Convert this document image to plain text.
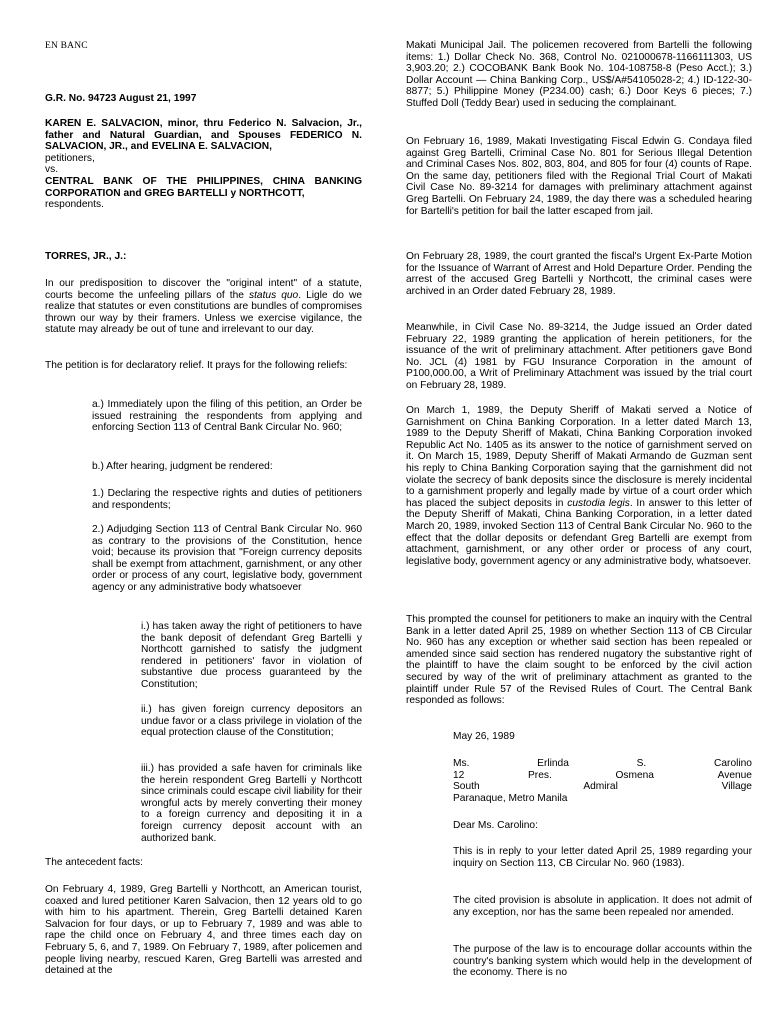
EN BANC
G.R. No. 94723 August 21, 1997

KAREN E. SALVACION, minor, thru Federico N. Salvacion, Jr., father and Natural Guardian, and Spouses FEDERICO N. SALVACION, JR., and EVELINA E. SALVACION,

petitioners,
vs.

CENTRAL BANK OF THE PHILIPPINES, CHINA BANKING CORPORATION and GREG BARTELLI y NORTHCOTT,

respondents.
TORRES, JR., J.:

In our predisposition to discover the "original intent" of a statute, courts become the unfeeling pillars of the status quo. Ligle do we realize that statutes or even constitutions are bundles of compromises thrown our way by their framers. Unless we exercise vigilance, the statute may already be out of tune and irrelevant to our day.

The petition is for declaratory relief. It prays for the following reliefs:

a.) Immediately upon the filing of this petition, an Order be issued restraining the respondents from applying and enforcing Section 113 of Central Bank Circular No. 960;

b.) After hearing, judgment be rendered:

1.) Declaring the respective rights and duties of petitioners and respondents;

2.) Adjudging Section 113 of Central Bank Circular No. 960 as contrary to the provisions of the Constitution, hence void; because its provision that "Foreign currency deposits shall be exempt from attachment, garnishment, or any other order or process of any court, legislative body, government agency or any administrative body whatsoever

i.) has taken away the right of petitioners to have the bank deposit of defendant Greg Bartelli y Northcott garnished to satisfy the judgment rendered in petitioners' favor in violation of substantive due process guaranteed by the Constitution;

ii.) has given foreign currency depositors an undue favor or a class privilege in violation of the equal protection clause of the Constitution;

iii.) has provided a safe haven for criminals like the herein respondent Greg Bartelli y Northcott since criminals could escape civil liability for their wrongful acts by merely converting their money to a foreign currency and depositing it in a foreign currency deposit account with an authorized bank.

The antecedent facts:

On February 4, 1989, Greg Bartelli y Northcott, an American tourist, coaxed and lured petitioner Karen Salvacion, then 12 years old to go with him to his apartment. Therein, Greg Bartelli detained Karen Salvacion for four days, or up to February 7, 1989 and was able to rape the child once on February 4, and three times each day on February 5, 6, and 7, 1989. On February 7, 1989, after policemen and people living nearby, rescued Karen, Greg Bartelli was arrested and detained at the

Makati Municipal Jail. The policemen recovered from Bartelli the following items: 1.) Dollar Check No. 368, Control No. 021000678-1166111303, US 3,903.20; 2.) COCOBANK Bank Book No. 104-108758-8 (Peso Acct.); 3.) Dollar Account — China Banking Corp., US$/A#54105028-2; 4.) ID-122-30-8877; 5.) Philippine Money (P234.00) cash; 6.) Door Keys 6 pieces; 7.) Stuffed Doll (Teddy Bear) used in seducing the complainant.

On February 16, 1989, Makati Investigating Fiscal Edwin G. Condaya filed against Greg Bartelli, Criminal Case No. 801 for Serious Illegal Detention and Criminal Cases Nos. 802, 803, 804, and 805 for four (4) counts of Rape. On the same day, petitioners filed with the Regional Trial Court of Makati Civil Case No. 89-3214 for damages with preliminary attachment against Greg Bartelli. On February 24, 1989, the day there was a scheduled hearing for Bartelli's petition for bail the latter escaped from jail.

On February 28, 1989, the court granted the fiscal's Urgent Ex-Parte Motion for the Issuance of Warrant of Arrest and Hold Departure Order. Pending the arrest of the accused Greg Bartelli y Northcott, the criminal cases were archived in an Order dated February 28, 1989.

Meanwhile, in Civil Case No. 89-3214, the Judge issued an Order dated February 22, 1989 granting the application of herein petitioners, for the issuance of the writ of preliminary attachment. After petitioners gave Bond No. JCL (4) 1981 by FGU Insurance Corporation in the amount of P100,000.00, a Writ of Preliminary Attachment was issued by the trial court on February 28, 1989.

On March 1, 1989, the Deputy Sheriff of Makati served a Notice of Garnishment on China Banking Corporation. In a letter dated March 13, 1989 to the Deputy Sheriff of Makati, China Banking Corporation invoked Republic Act No. 1405 as its answer to the notice of garnishment served on it. On March 15, 1989, Deputy Sheriff of Makati Armando de Guzman sent his reply to China Banking Corporation saying that the garnishment did not violate the secrecy of bank deposits since the disclosure is merely incidental to a garnishment properly and legally made by virtue of a court order which has placed the subject deposits in custodia legis. In answer to this letter of the Deputy Sheriff of Makati, China Banking Corporation, in a letter dated March 20, 1989, invoked Section 113 of Central Bank Circular No. 960 to the effect that the dollar deposits or defendant Greg Bartelli are exempt from attachment, garnishment, or any other order or process of any court, legislative body, government agency or any administrative body, whatsoever.

This prompted the counsel for petitioners to make an inquiry with the Central Bank in a letter dated April 25, 1989 on whether Section 113 of CB Circular No. 960 has any exception or whether said section has been repealed or amended since said section has rendered nugatory the substantive right of the plaintiff to have the claim sought to be enforced by the civil action secured by way of the writ of preliminary attachment as granted to the plaintiff under Rule 57 of the Revised Rules of Court. The Central Bank responded as follows:

May 26, 1989
Ms.	Erlinda	S.	Carolino
12	Pres.	Osmena	Avenue
South	Admiral	Village
Paranaque, Metro Manila
Dear Ms. Carolino:

This is in reply to your letter dated April 25, 1989 regarding your inquiry on Section 113, CB Circular No. 960 (1983).

The cited provision is absolute in application. It does not admit of any exception, nor has the same been repealed nor amended.

The purpose of the law is to encourage dollar accounts within the country's banking system which would help in the development of the economy. There is no
